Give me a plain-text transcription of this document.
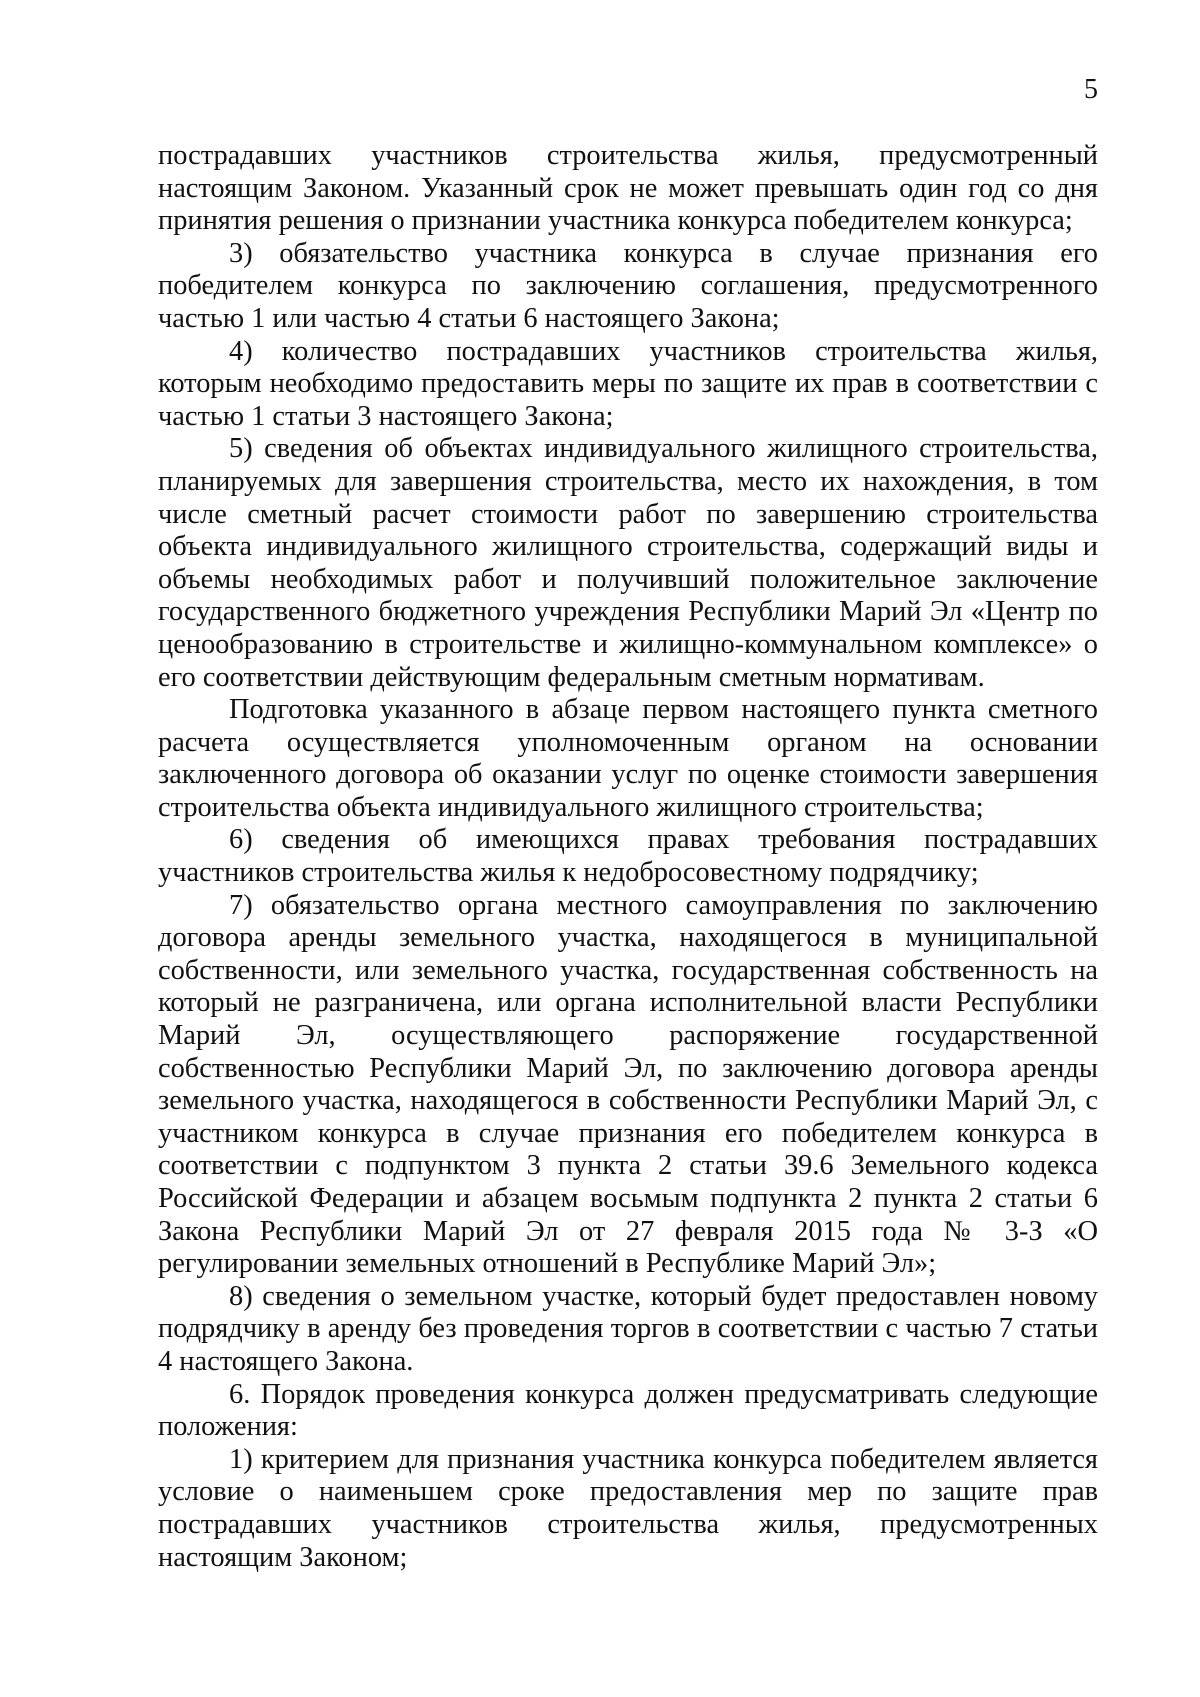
5

пострадавших участников строительства жилья, предусмотренный настоящим Законом. Указанный срок не может превышать один год со дня принятия решения о признании участника конкурса победителем конкурса;

3) обязательство участника конкурса в случае признания его победителем конкурса по заключению соглашения, предусмотренного частью 1 или частью 4 статьи 6 настоящего Закона;

4) количество пострадавших участников строительства жилья, которым необходимо предоставить меры по защите их прав в соответствии с частью 1 статьи 3 настоящего Закона;

5) сведения об объектах индивидуального жилищного строительства, планируемых для завершения строительства, место их нахождения, в том числе сметный расчет стоимости работ по завершению строительства объекта индивидуального жилищного строительства, содержащий виды и объемы необходимых работ и получивший положительное заключение государственного бюджетного учреждения Республики Марий Эл «Центр по ценообразованию в строительстве и жилищно-коммунальном комплексе» о его соответствии действующим федеральным сметным нормативам.

Подготовка указанного в абзаце первом настоящего пункта сметного расчета осуществляется уполномоченным органом на основании заключенного договора об оказании услуг по оценке стоимости завершения строительства объекта индивидуального жилищного строительства;

6) сведения об имеющихся правах требования пострадавших участников строительства жилья к недобросовестному подрядчику;

7) обязательство органа местного самоуправления по заключению договора аренды земельного участка, находящегося в муниципальной собственности, или земельного участка, государственная собственность на который не разграничена, или органа исполнительной власти Республики Марий Эл, осуществляющего распоряжение государственной собственностью Республики Марий Эл, по заключению договора аренды земельного участка, находящегося в собственности Республики Марий Эл, с участником конкурса в случае признания его победителем конкурса в соответствии с подпунктом 3 пункта 2 статьи 39.6 Земельного кодекса Российской Федерации и абзацем восьмым подпункта 2 пункта 2 статьи 6 Закона Республики Марий Эл от 27 февраля 2015 года № 3-З «О регулировании земельных отношений в Республике Марий Эл»;

8) сведения о земельном участке, который будет предоставлен новому подрядчику в аренду без проведения торгов в соответствии с частью 7 статьи 4 настоящего Закона.

6. Порядок проведения конкурса должен предусматривать следующие положения:

1) критерием для признания участника конкурса победителем является условие о наименьшем сроке предоставления мер по защите прав пострадавших участников строительства жилья, предусмотренных настоящим Законом;
